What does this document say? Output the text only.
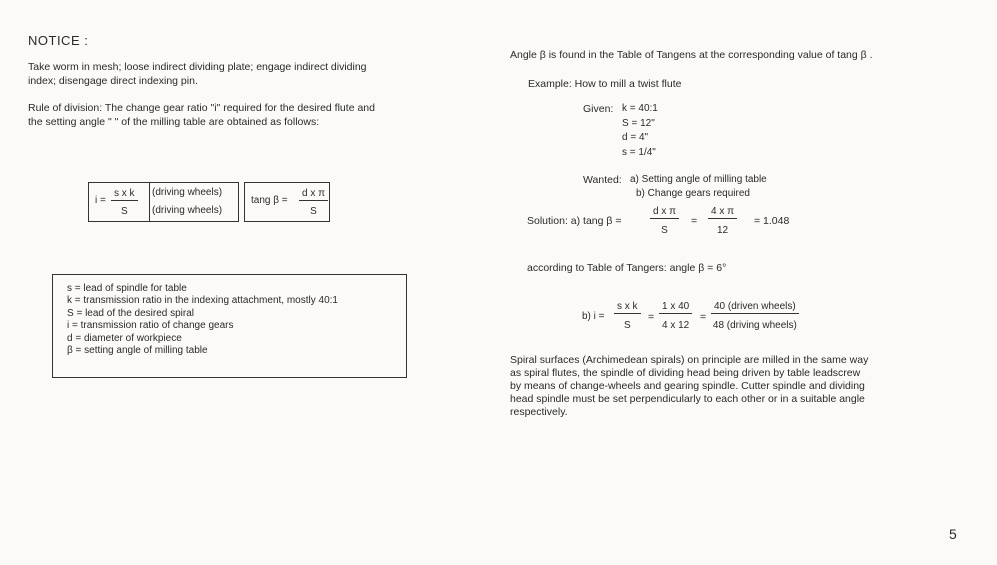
NOTICE :
Take worm in mesh; loose indirect dividing plate; engage indirect dividing
index; disengage direct indexing pin.
Rule of division: The change gear ratio "i" required for the desired flute and
the setting angle " " of the milling table are obtained as follows:
$i = \frac{\text{s x k}}{S}$ (driving wheels)
(driving wheels)
tang $\beta = \frac{\text{d x π}}{S}$
s = lead of spindle for table
k = transmission ratio in the indexing attachment, mostly 40:1
S = lead of the desired spiral
i = transmission ratio of change gears
d = diameter of workpiece
β = setting angle of milling table
Angle β is found in the Table of Tangens at the corresponding value of tang β .
Example: How to mill a twist flute
Given: k = 40:1
S = 12"
d = 4"
s = 1/4"
Wanted: a) Setting angle of milling table
b) Change gears required
Solution: a) tang β =	$\frac{\text{d x π}}{S} = \frac{\text{4 x π}}{12} = 1.048$
according to Table of Tangers: angle β = 6°
b) $i = \frac{\text{s x k}}{S} = \frac{1 x 40}{4 x 12}$ =
40 (driven wheels)
48 (driving wheels)
Spiral surfaces (Archimedean spirals) on principle are milled in the same way
as spiral flutes, the spindle of dividing head being driven by table leadscrew
by means of change-wheels and gearing spindle. Cutter spindle and dividing
head spindle must be set perpendicularly to each other or in a suitable angle
respectively.
5
